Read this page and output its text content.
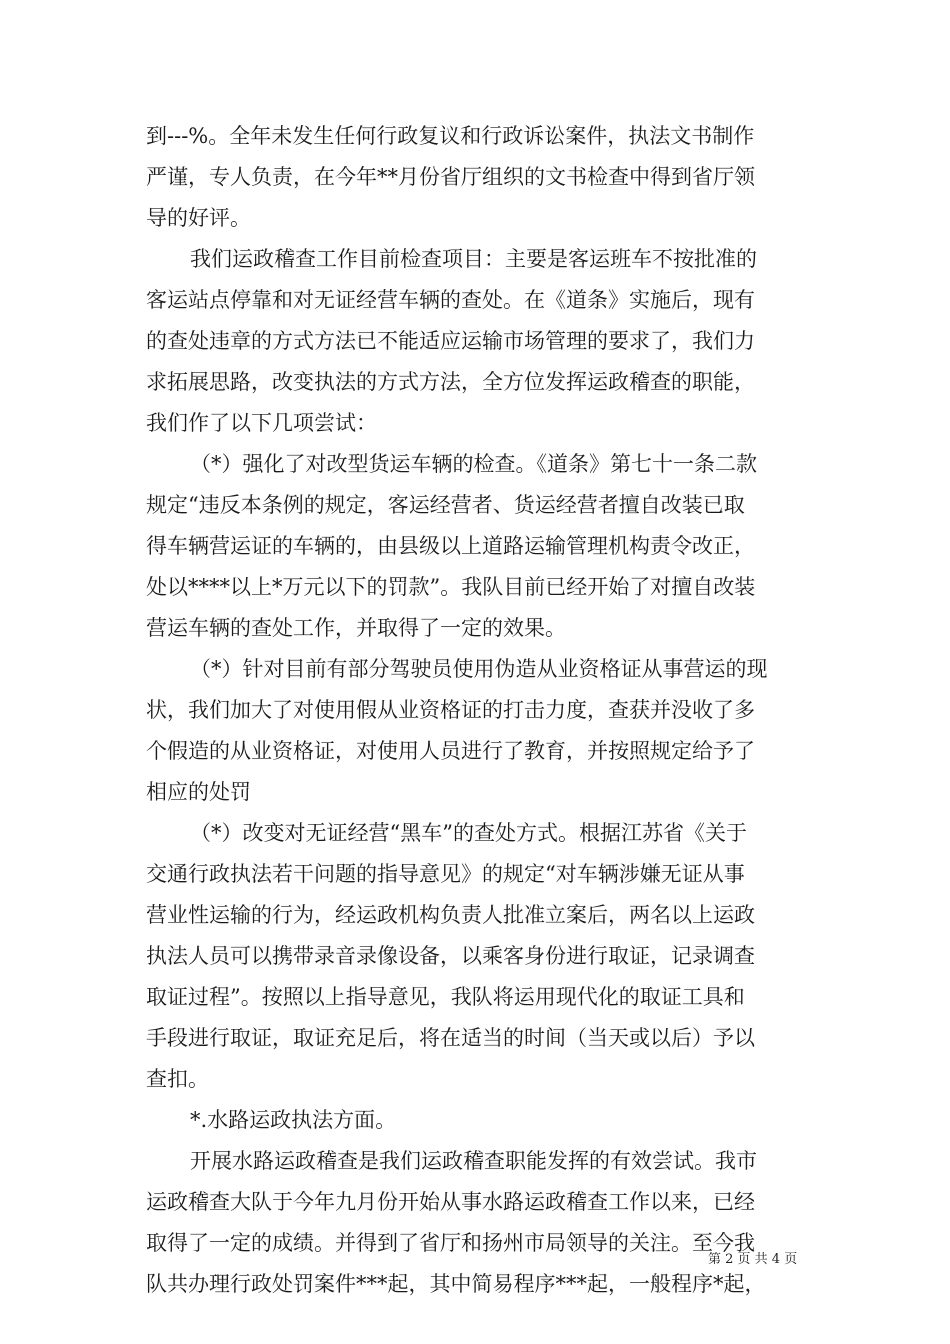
到---%。全年未发生任何行政复议和行政诉讼案件，执法文书制作
严谨，专人负责，在今年**月份省厅组织的文书检查中得到省厅领
导的好评。
我们运政稽查工作目前检查项目：主要是客运班车不按批准的
客运站点停靠和对无证经营车辆的查处。在《道条》实施后，现有
的查处违章的方式方法已不能适应运输市场管理的要求了，我们力
求拓展思路，改变执法的方式方法，全方位发挥运政稽查的职能，
我们作了以下几项尝试：
（*）强化了对改型货运车辆的检查。《道条》第七十一条二款
规定“违反本条例的规定，客运经营者、货运经营者擅自改装已取
得车辆营运证的车辆的，由县级以上道路运输管理机构责令改正，
处以****以上*万元以下的罚款”。我队目前已经开始了对擅自改装
营运车辆的查处工作，并取得了一定的效果。
（*）针对目前有部分驾驶员使用伪造从业资格证从事营运的现
状，我们加大了对使用假从业资格证的打击力度，查获并没收了多
个假造的从业资格证，对使用人员进行了教育，并按照规定给予了
相应的处罚
（*）改变对无证经营“黑车”的查处方式。根据江苏省《关于
交通行政执法若干问题的指导意见》的规定“对车辆涉嫌无证从事
营业性运输的行为，经运政机构负责人批准立案后，两名以上运政
执法人员可以携带录音录像设备，以乘客身份进行取证，记录调查
取证过程”。按照以上指导意见，我队将运用现代化的取证工具和
手段进行取证，取证充足后，将在适当的时间（当天或以后）予以
查扣。
*.水路运政执法方面。
开展水路运政稽查是我们运政稽查职能发挥的有效尝试。我市
运政稽查大队于今年九月份开始从事水路运政稽查工作以来，已经
取得了一定的成绩。并得到了省厅和扬州市局领导的关注。至今我
队共办理行政处罚案件***起，其中简易程序***起，一般程序*起，
第 2 页 共 4 页
